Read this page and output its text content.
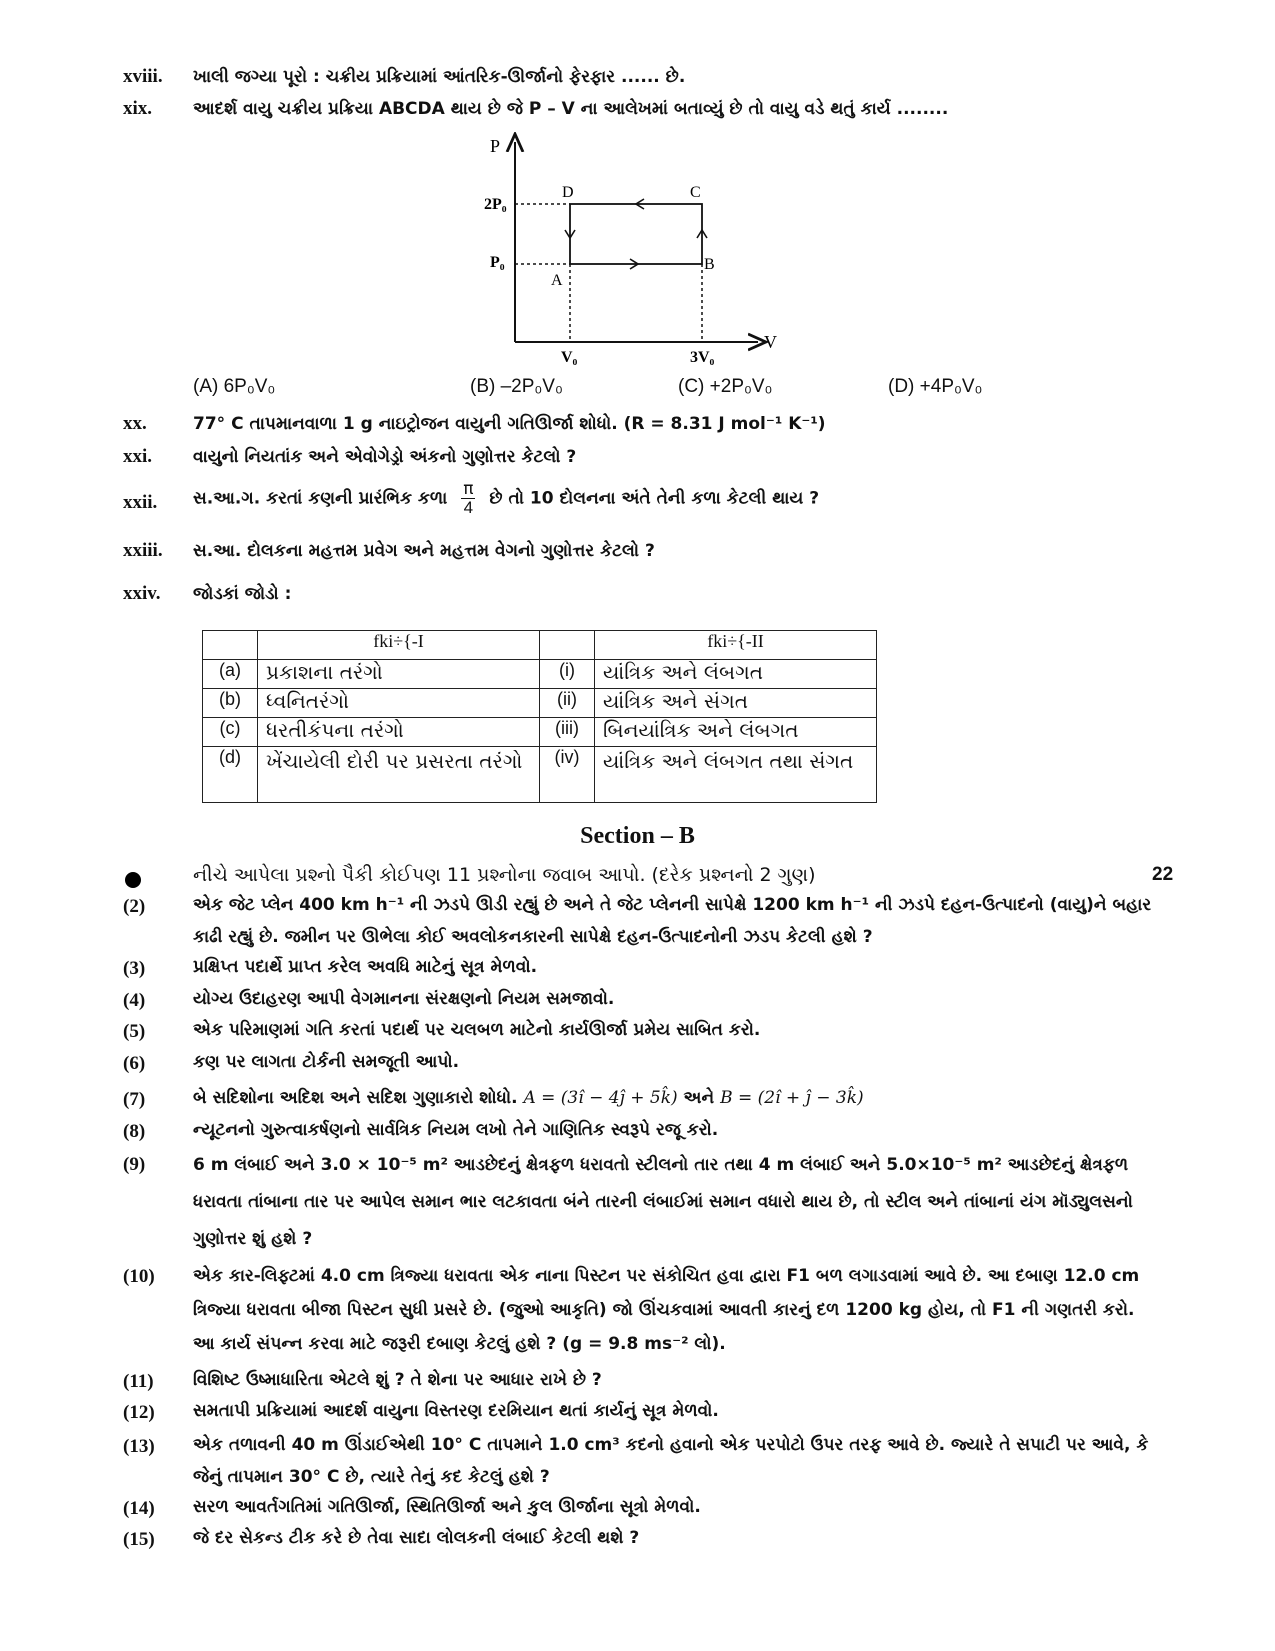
xviii. ખાલી જગ્યા પૂરો : ચક્રીય પ્રક્રિયામાં આંતરિક-ઊર્જાનો ફેરફાર ...... છે.
xix. આદર્શ વાયુ ચક્રીય પ્રક્રિયા ABCDA થાય છે જે P – V ના આલેખમાં બતાવ્યું છે તો વાયુ વડે થતું કાર્ય ........
P
V
2P₀
P₀
V₀	3V₀
A
B
C
D
(A) 6P₀V₀	(B) –2P₀V₀	(C) +2P₀V₀	(D) +4P₀V₀
xx.	77° C તાપમાનવાળા 1 g નાઇટ્રોજન વાયુની ગતિઊર્જા શોધો. (R = 8.31 J mol⁻¹ K⁻¹)
xxi. વાયુનો નિયતાંક અને એવોગેડ્રો અંકનો ગુણોત્તર કેટલો ?
xxii. સ.આ.ગ. કરતાં કણની પ્રારંભિક કળા $\frac{\pi}{4}$ છે તો 10 દોલનના અંતે તેની કળા કેટલી થાય ?
xxiii. સ.આ. દોલકના મહત્તમ પ્રવેગ અને મહત્તમ વેગનો ગુણોત્તર કેટલો ?
xxiv. જોડકાં જોડો :
	fki÷{-I		fki÷{-II
(a)	પ્રકાશના તરંગો	(i)	યાંત્રિક અને લંબગત
(b)	ધ્વનિતરંગો	(ii)	યાંત્રિક અને સંગત
(c)	ધરતીકંપના તરંગો	(iii)	બિનયાંત્રિક અને લંબગત
(d)	ખેંચાયેલી દોરી પર પ્રસરતા તરંગો	(iv)	યાંત્રિક અને લંબગત તથા સંગત
Section – B
નીચે આપેલા પ્રશ્નો પૈકી કોઈપણ 11 પ્રશ્નોના જવાબ આપો. (દરેક પ્રશ્નનો 2 ગુણ)	22
(2)	એક જેટ પ્લેન 400 km h⁻¹ ની ઝડપે ઊડી રહ્યું છે અને તે જેટ પ્લેનની સાપેક્ષે 1200 km h⁻¹ ની ઝડપે દહન-ઉત્પાદનો (વાયુ)ને બહાર કાઢી રહ્યું છે. જમીન પર ઊભેલા કોઈ અવલોકનકારની સાપેક્ષે દહન-ઉત્પાદનોની ઝડપ કેટલી હશે ?
(3)	પ્રક્ષિપ્ત પદાર્થે પ્રાપ્ત કરેલ અવધિ માટેનું સૂત્ર મેળવો.
(4)	યોગ્ય ઉદાહરણ આપી વેગમાનના સંરક્ષણનો નિયમ સમજાવો.
(5)	એક પરિમાણમાં ગતિ કરતાં પદાર્થ પર ચલબળ માટેનો કાર્યઊર્જા પ્રમેય સાબિત કરો.
(6)	કણ પર લાગતા ટોર્કની સમજૂતી આપો.
(7)	બે સદિશોના અદિશ અને સદિશ ગુણાકારો શોધો. A = (3î − 4ĵ + 5k̂) અને B = (2î + ĵ − 3k̂)
(8)	ન્યૂટનનો ગુરુત્વાકર્ષણનો સાર્વત્રિક નિયમ લખો તેને ગાણિતિક સ્વરૂપે રજૂ કરો.
(9)	6 m લંબાઈ અને 3.0 × 10⁻⁵ m² આડછેદનું ક્ષેત્રફળ ધરાવતો સ્ટીલનો તાર તથા 4 m લંબાઈ અને 5.0×10⁻⁵ m² આડછેદનું ક્ષેત્રફળ ધરાવતા તાંબાના તાર પર આપેલ સમાન ભાર લટકાવતા બંને તારની લંબાઈમાં સમાન વધારો થાય છે, તો સ્ટીલ અને તાંબાનાં યંગ મૉડ્યુલસનો ગુણોત્તર શું હશે ?
(10) એક કાર-લિફ્ટમાં 4.0 cm ત્રિજ્યા ધરાવતા એક નાના પિસ્ટન પર સંકોચિત હવા દ્વારા F1 બળ લગાડવામાં આવે છે. આ દબાણ 12.0 cm ત્રિજ્યા ધરાવતા બીજા પિસ્ટન સુધી પ્રસરે છે. (જુઓ આકૃતિ) જો ઊંચકવામાં આવતી કારનું દળ 1200 kg હોય, તો F1 ની ગણતરી કરો. આ કાર્ય સંપન્ન કરવા માટે જરૂરી દબાણ કેટલું હશે ? (g = 9.8 ms⁻² લો).
(11) વિશિષ્ટ ઉષ્માધારિતા એટલે શું ? તે શેના પર આધાર રાખે છે ?
(12) સમતાપી પ્રક્રિયામાં આદર્શ વાયુના વિસ્તરણ દરમિયાન થતાં કાર્યનું સૂત્ર મેળવો.
(13) એક તળાવની 40 m ઊંડાઈએથી 10° C તાપમાને 1.0 cm³ કદનો હવાનો એક પરપોટો ઉપર તરફ આવે છે. જ્યારે તે સપાટી પર આવે, કે જેનું તાપમાન 30° C છે, ત્યારે તેનું કદ કેટલું હશે ?
(14) સરળ આવર્તગતિમાં ગતિઊર્જા, સ્થિતિઊર્જા અને કુલ ઊર્જાના સૂત્રો મેળવો.
(15) જે દર સેકન્ડ ટીક કરે છે તેવા સાદા લોલકની લંબાઈ કેટલી થશે ?
